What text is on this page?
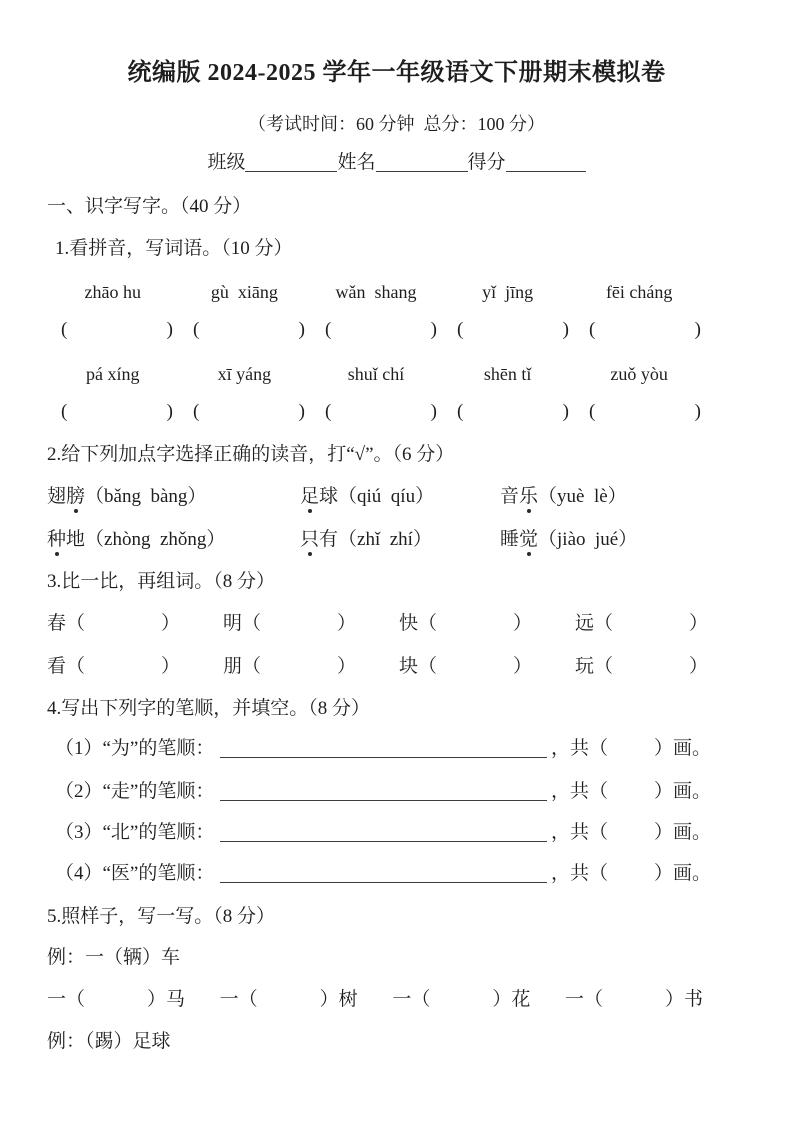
统编版 2024-2025 学年一年级语文下册期末模拟卷
（考试时间：60 分钟  总分：100 分）
班级	姓名	得分
一、识字写字。（40 分）
1.看拼音，写词语。（10 分）
zhāo hu	gù  xiāng	wǎn  shang	yǐ  jīng	fēi cháng
(	) (	) (	) (	) (	)
pá xíng	xī yáng	shuǐ chí	shēn tǐ	zuǒ yòu
(	) (	) (	) (	) (	)
2.给下列加点字选择正确的读音，打“√”。（6 分）
翅膀（bǎng  bàng）	足球（qiú  qíu）	音乐（yuè  lè）
种地（zhòng  zhǒng）	只有（zhǐ  zhí）	睡觉（jiào  jué）
3.比一比，再组词。（8 分）
春（	） 明（	） 快（	） 远（	）
看（	） 朋（	） 块（	） 玩（	）
4.写出下列字的笔顺，并填空。（8 分）
（1）“为”的笔顺：	，共（ ）画。
（2）“走”的笔顺：	，共（ ）画。
（3）“北”的笔顺：	，共（ ）画。
（4）“医”的笔顺：	，共（ ）画。
5.照样子，写一写。（8 分）
例：一（辆）车
一（	）马 一（	）树 一（	）花 一（	）书
例：（踢）足球
